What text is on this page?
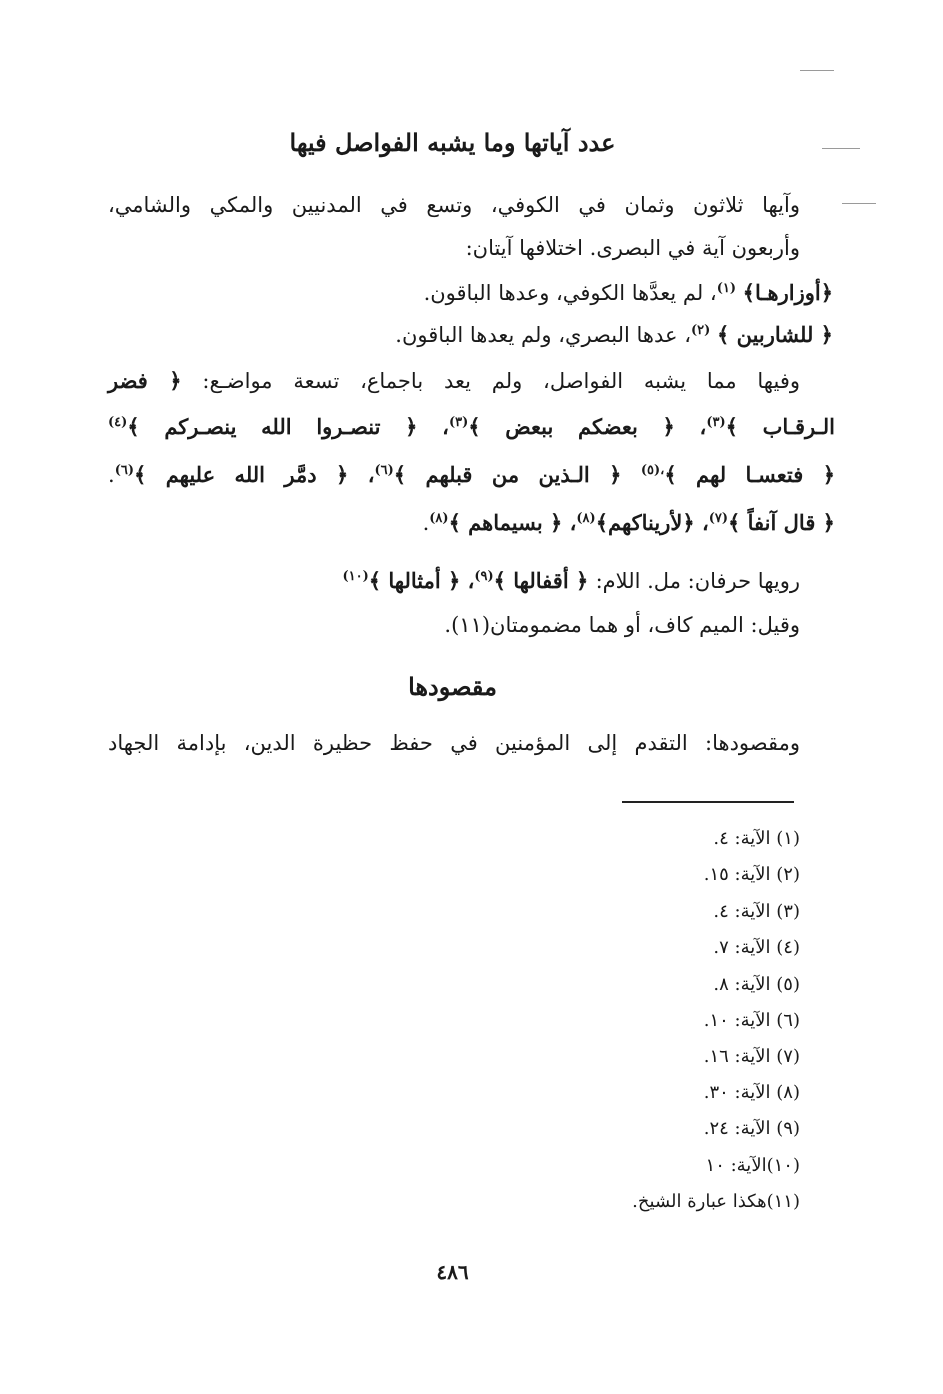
عدد آياتها وما يشبه الفواصل فيها
وآيها ثلاثون وثمان في الكوفي، وتسع في المدنيين والمكي والشامي،
وأربعون آية في البصرى. اختلافها آيتان:
﴿أوزارهـا﴾ $^{(١)}$، لم يعدَّها الكوفي، وعدها الباقون.
﴿ للشاربين ﴾ $^{(٢)}$، عدها البصري، ولم يعدها الباقون.
وفيها مما يشبه الفواصل، ولم يعد باجماع، تسعة مواضـع: ﴿ فضر
الـرقـاب ﴾$^{(٣)}$، ﴿ بعضكم ببعض ﴾$^{(٣)}$، ﴿ تنصـروا الله ينصـركم ﴾$^{(٤)}$
﴿ فتعسـا لهم ﴾$^{،(٥)}$ ﴿ الـذين من قبلهم ﴾$^{(٦)}$، ﴿ دمَّر الله عليهم ﴾$^{(٦)}$.
﴿ قال آنفاً ﴾$^{(٧)}$، ﴿لأريناكهم﴾$^{(٨)}$، ﴿ بسيماهم ﴾$^{(٨)}$.
رويها حرفان: مل. اللام: ﴿ أقفالها ﴾$^{(٩)}$، ﴿ أمثالها ﴾$^{(١٠)}$
وقيل: الميم كاف، أو هما مضمومتان(١١).
مقصودها
ومقصودها: التقدم إلى المؤمنين في حفظ حظيرة الدين، بإدامة الجهاد
(١) الآية: ٤.
(٢) الآية: ١٥.
(٣) الآية: ٤.
(٤) الآية: ٧.
(٥) الآية: ٨.
(٦) الآية: ١٠.
(٧) الآية: ١٦.
(٨) الآية: ٣٠.
(٩) الآية: ٢٤.
(١٠)الآية: ١٠
(١١)هكذا عبارة الشيخ.
٤٨٦
